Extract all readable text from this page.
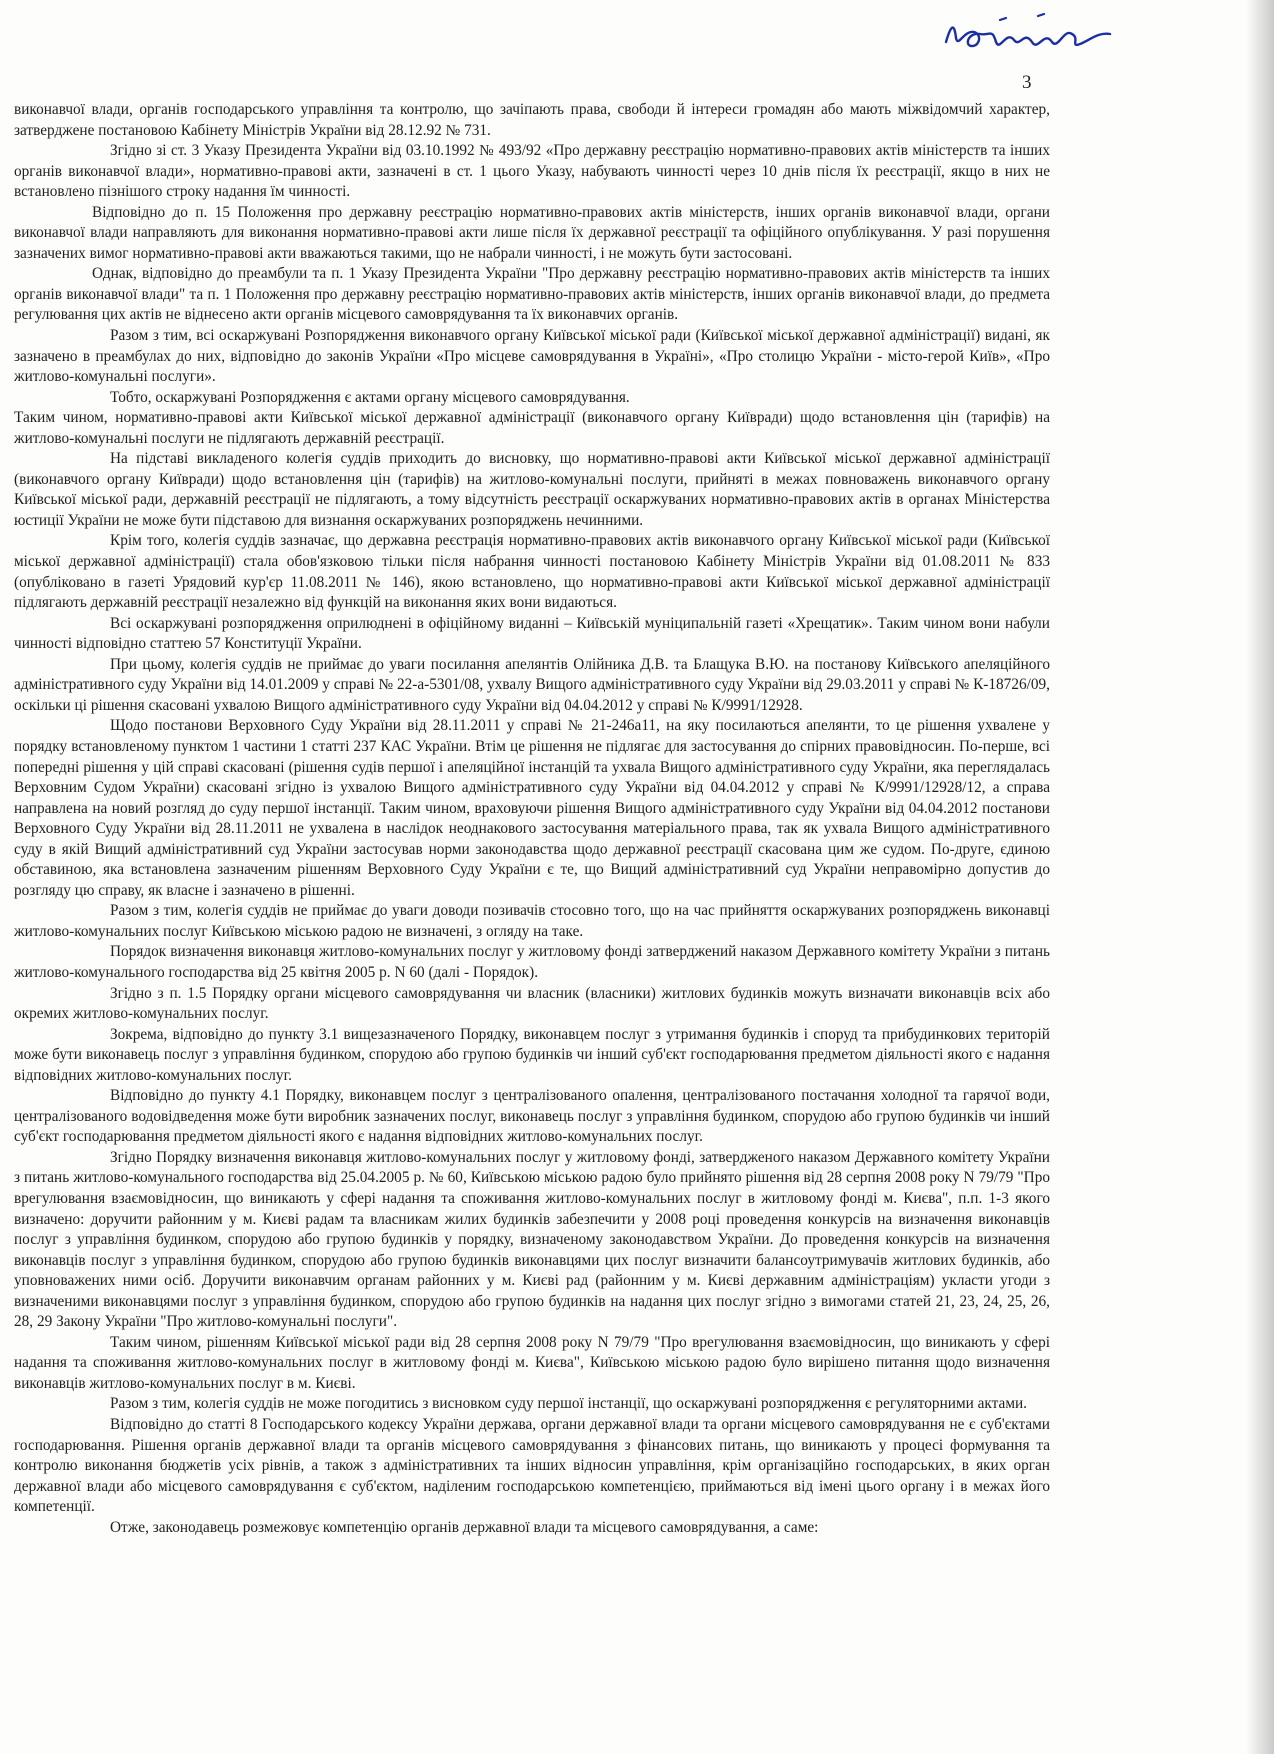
3

виконавчої влади, органів господарського управління та контролю, що зачіпають права, свободи й інтереси громадян або мають міжвідомчий характер, затверджене постановою Кабінету Міністрів України від 28.12.92 № 731.

Згідно зі ст. 3 Указу Президента України від 03.10.1992 № 493/92 «Про державну реєстрацію нормативно-правових актів міністерств та інших органів виконавчої влади», нормативно-правові акти, зазначені в ст. 1 цього Указу, набувають чинності через 10 днів після їх реєстрації, якщо в них не встановлено пізнішого строку надання їм чинності.

Відповідно до п. 15 Положення про державну реєстрацію нормативно-правових актів міністерств, інших органів виконавчої влади, органи виконавчої влади направляють для виконання нормативно-правові акти лише після їх державної реєстрації та офіційного опублікування. У разі порушення зазначених вимог нормативно-правові акти вважаються такими, що не набрали чинності, і не можуть бути застосовані.

Однак, відповідно до преамбули та п. 1 Указу Президента України "Про державну реєстрацію нормативно-правових актів міністерств та інших органів виконавчої влади" та п. 1 Положення про державну реєстрацію нормативно-правових актів міністерств, інших органів виконавчої влади, до предмета регулювання цих актів не віднесено акти органів місцевого самоврядування та їх виконавчих органів.

Разом з тим, всі оскаржувані Розпорядження виконавчого органу Київської міської ради (Київської міської державної адміністрації) видані, як зазначено в преамбулах до них, відповідно до законів України «Про місцеве самоврядування в Україні», «Про столицю України - місто-герой Київ», «Про житлово-комунальні послуги».

Тобто, оскаржувані Розпорядження є актами органу місцевого самоврядування.

Таким чином, нормативно-правові акти Київської міської державної адміністрації (виконавчого органу Київради) щодо встановлення цін (тарифів) на житлово-комунальні послуги не підлягають державній реєстрації.

На підставі викладеного колегія суддів приходить до висновку, що нормативно-правові акти Київської міської державної адміністрації (виконавчого органу Київради) щодо встановлення цін (тарифів) на житлово-комунальні послуги, прийняті в межах повноважень виконавчого органу Київської міської ради, державній реєстрації не підлягають, а тому відсутність реєстрації оскаржуваних нормативно-правових актів в органах Міністерства юстиції України не може бути підставою для визнання оскаржуваних розпоряджень нечинними.

Крім того, колегія суддів зазначає, що державна реєстрація нормативно-правових актів виконавчого органу Київської міської ради (Київської міської державної адміністрації) стала обов'язковою тільки після набрання чинності постановою Кабінету Міністрів України від 01.08.2011 № 833 (опубліковано в газеті Урядовий кур'єр 11.08.2011 № 146), якою встановлено, що нормативно-правові акти Київської міської державної адміністрації підлягають державній реєстрації незалежно від функцій на виконання яких вони видаються.

Всі оскаржувані розпорядження оприлюднені в офіційному виданні – Київській муніципальній газеті «Хрещатик». Таким чином вони набули чинності відповідно статтею 57 Конституції України.

При цьому, колегія суддів не приймає до уваги посилання апелянтів Олійника Д.В. та Блащука В.Ю. на постанову Київського апеляційного адміністративного суду України від 14.01.2009 у справі № 22-а-5301/08, ухвалу Вищого адміністративного суду України від 29.03.2011 у справі № К-18726/09, оскільки ці рішення скасовані ухвалою Вищого адміністративного суду України від 04.04.2012 у справі № К/9991/12928.

Щодо постанови Верховного Суду України від 28.11.2011 у справі № 21-246а11, на яку посилаються апелянти, то це рішення ухвалене у порядку встановленому пунктом 1 частини 1 статті 237 КАС України. Втім це рішення не підлягає для застосування до спірних правовідносин. По-перше, всі попередні рішення у цій справі скасовані (рішення судів першої і апеляційної інстанцій та ухвала Вищого адміністративного суду України, яка переглядалась Верховним Судом України) скасовані згідно із ухвалою Вищого адміністративного суду України від 04.04.2012 у справі № К/9991/12928/12, а справа направлена на новий розгляд до суду першої інстанції. Таким чином, враховуючи рішення Вищого адміністративного суду України від 04.04.2012 постанови Верховного Суду України від 28.11.2011 не ухвалена в наслідок неоднакового застосування матеріального права, так як ухвала Вищого адміністративного суду в якій Вищий адміністративний суд України застосував норми законодавства щодо державної реєстрації скасована цим же судом. По-друге, єдиною обставиною, яка встановлена зазначеним рішенням Верховного Суду України є те, що Вищий адміністративний суд України неправомірно допустив до розгляду цю справу, як власне і зазначено в рішенні.

Разом з тим, колегія суддів не приймає до уваги доводи позивачів стосовно того, що на час прийняття оскаржуваних розпоряджень виконавці житлово-комунальних послуг Київською міською радою не визначені, з огляду на таке.

Порядок визначення виконавця житлово-комунальних послуг у житловому фонді затверджений наказом Державного комітету України з питань житлово-комунального господарства від 25 квітня 2005 р. N 60 (далі - Порядок).

Згідно з п. 1.5 Порядку органи місцевого самоврядування чи власник (власники) житлових будинків можуть визначати виконавців всіх або окремих житлово-комунальних послуг.

Зокрема, відповідно до пункту 3.1 вищезазначеного Порядку, виконавцем послуг з утримання будинків і споруд та прибудинкових територій може бути виконавець послуг з управління будинком, спорудою або групою будинків чи інший суб'єкт господарювання предметом діяльності якого є надання відповідних житлово-комунальних послуг.

Відповідно до пункту 4.1 Порядку, виконавцем послуг з централізованого опалення, централізованого постачання холодної та гарячої води, централізованого водовідведення може бути виробник зазначених послуг, виконавець послуг з управління будинком, спорудою або групою будинків чи інший суб'єкт господарювання предметом діяльності якого є надання відповідних житлово-комунальних послуг.

Згідно Порядку визначення виконавця житлово-комунальних послуг у житловому фонді, затвердженого наказом Державного комітету України з питань житлово-комунального господарства від 25.04.2005 р. № 60, Київською міською радою було прийнято рішення від 28 серпня 2008 року N 79/79 "Про врегулювання взаємовідносин, що виникають у сфері надання та споживання житлово-комунальних послуг в житловому фонді м. Києва", п.п. 1-3 якого визначено: доручити районним у м. Києві радам та власникам жилих будинків забезпечити у 2008 році проведення конкурсів на визначення виконавців послуг з управління будинком, спорудою або групою будинків у порядку, визначеному законодавством України. До проведення конкурсів на визначення виконавців послуг з управління будинком, спорудою або групою будинків виконавцями цих послуг визначити балансоутримувачів житлових будинків, або уповноважених ними осіб. Доручити виконавчим органам районних у м. Києві рад (районним у м. Києві державним адміністраціям) укласти угоди з визначеними виконавцями послуг з управління будинком, спорудою або групою будинків на надання цих послуг згідно з вимогами статей 21, 23, 24, 25, 26, 28, 29 Закону України "Про житлово-комунальні послуги".

Таким чином, рішенням Київської міської ради від 28 серпня 2008 року N 79/79 "Про врегулювання взаємовідносин, що виникають у сфері надання та споживання житлово-комунальних послуг в житловому фонді м. Києва", Київською міською радою було вирішено питання щодо визначення виконавців житлово-комунальних послуг в м. Києві.

Разом з тим, колегія суддів не може погодитись з висновком суду першої інстанції, що оскаржувані розпорядження є регуляторними актами.

Відповідно до статті 8 Господарського кодексу України держава, органи державної влади та органи місцевого самоврядування не є суб'єктами господарювання. Рішення органів державної влади та органів місцевого самоврядування з фінансових питань, що виникають у процесі формування та контролю виконання бюджетів усіх рівнів, а також з адміністративних та інших відносин управління, крім організаційно господарських, в яких орган державної влади або місцевого самоврядування є суб'єктом, наділеним господарською компетенцією, приймаються від імені цього органу і в межах його компетенції.

Отже, законодавець розмежовує компетенцію органів державної влади та місцевого самоврядування, а саме:
